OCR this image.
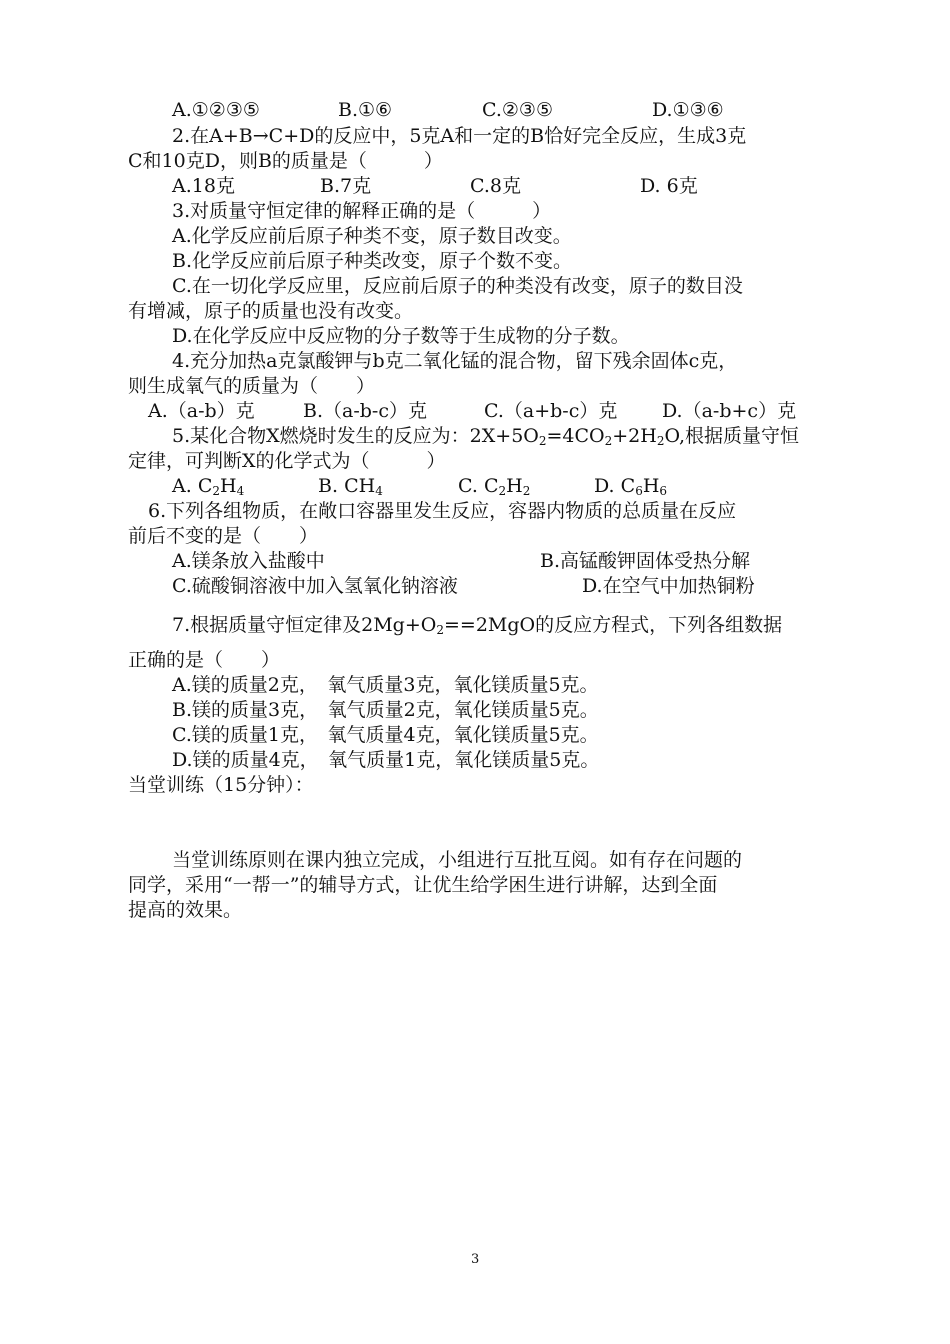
A.①②③⑤	B.①⑥	C.②③⑤	D.①③⑥
2.在A+B→C+D的反应中，5克A和一定的B恰好完全反应，生成3克
C和10克D，则B的质量是（　　　）
A.18克	B.7克	C.8克	D. 6克
3.对质量守恒定律的解释正确的是（　　　）
A.化学反应前后原子种类不变，原子数目改变。
B.化学反应前后原子种类改变，原子个数不变。
C.在一切化学反应里，反应前后原子的种类没有改变，原子的数目没
有增减，原子的质量也没有改变。
D.在化学反应中反应物的分子数等于生成物的分子数。
4.充分加热a克氯酸钾与b克二氧化锰的混合物，留下残余固体c克，
则生成氧气的质量为（　　）
A.（a-b）克	B.（a-b-c）克	C.（a+b-c）克 D.（a-b+c）克
5.某化合物X燃烧时发生的反应为：$2X+5O_2=4CO_2+2H_2O$,根据质量守恒
定律，可判断X的化学式为（　　　）
A. $C_2H_4$	B. $CH_4$	C. $C_2H_2$	D. $C_6H_6$
6.下列各组物质，在敞口容器里发生反应，容器内物质的总质量在反应
前后不变的是（　　）
A.镁条放入盐酸中	B.高锰酸钾固体受热分解
C.硫酸铜溶液中加入氢氧化钠溶液	D.在空气中加热铜粉
7.根据质量守恒定律及$2Mg+O_2==2MgO$的反应方程式，下列各组数据
正确的是（　　）
A.镁的质量2克，　氧气质量3克，氧化镁质量5克。
B.镁的质量3克，　氧气质量2克，氧化镁质量5克。
C.镁的质量1克，　氧气质量4克，氧化镁质量5克。
D.镁的质量4克，　氧气质量1克，氧化镁质量5克。
当堂训练（15分钟）：
当堂训练原则在课内独立完成，小组进行互批互阅。如有存在问题的
同学，采用“一帮一”的辅导方式，让优生给学困生进行讲解，达到全面
提高的效果。
3
